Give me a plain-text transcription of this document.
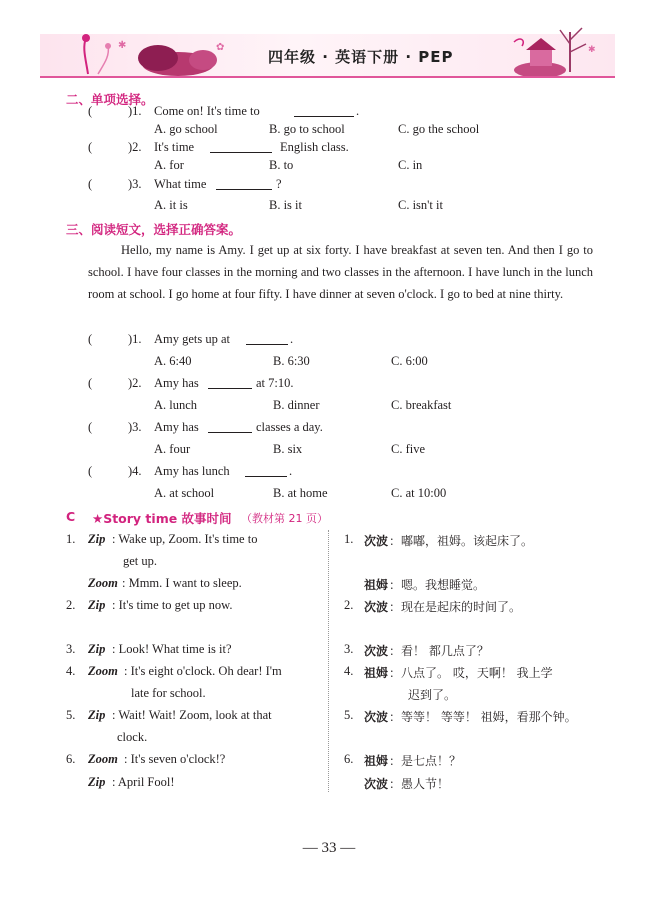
✱	✿	✱
四年级 · 英语下册 · PEP
二、单项选择。
(	)1. Come on! It's time to	.
A. go school	B. go to school	C. go the school
(	)2. It's time	English class.
A. for	B. to	C. in
(	)3. What time	?
A. it is	B. is it	C. isn't it
三、阅读短文，选择正确答案。
Hello, my name is Amy. I get up at six forty. I have breakfast at seven ten. And then I go to school. I have four classes in the morning and two classes in the afternoon. I have lunch in the lunch room at school. I go home at four fifty. I have dinner at seven o'clock. I go to bed at nine thirty.
(	)1. Amy gets up at	.
A. 6:40	B. 6:30	C. 6:00
(	)2. Amy has	at 7:10.
A. lunch	B. dinner	C. breakfast
(	)3. Amy has	classes a day.
A. four	B. six	C. five
(	)4. Amy has lunch	.
A. at school	B. at home	C. at 10:00
C ★Story time 故事时间 （教材第 21 页）
1. Zip : Wake up, Zoom. It's time to
get up.
Zoom : Mmm. I want to sleep.
2. Zip : It's time to get up now.
3. Zip : Look! What time is it?
4. Zoom : It's eight o'clock. Oh dear! I'm
late for school.
5. Zip : Wait! Wait! Zoom, look at that
clock.
6. Zoom : It's seven o'clock!?
Zip : April Fool!
1. 次波 ：嘟嘟，祖姆。该起床了。
祖姆 ：嗯。我想睡觉。
2. 次波 ：现在是起床的时间了。
3. 次波 ：看！ 都几点了？
4. 祖姆 ：八点了。 哎，天啊！ 我上学
迟到了。
5. 次波 ：等等！ 等等！ 祖姆，看那个钟。
6. 祖姆 ：是七点！？
次波 ：愚人节！
— 33 —
